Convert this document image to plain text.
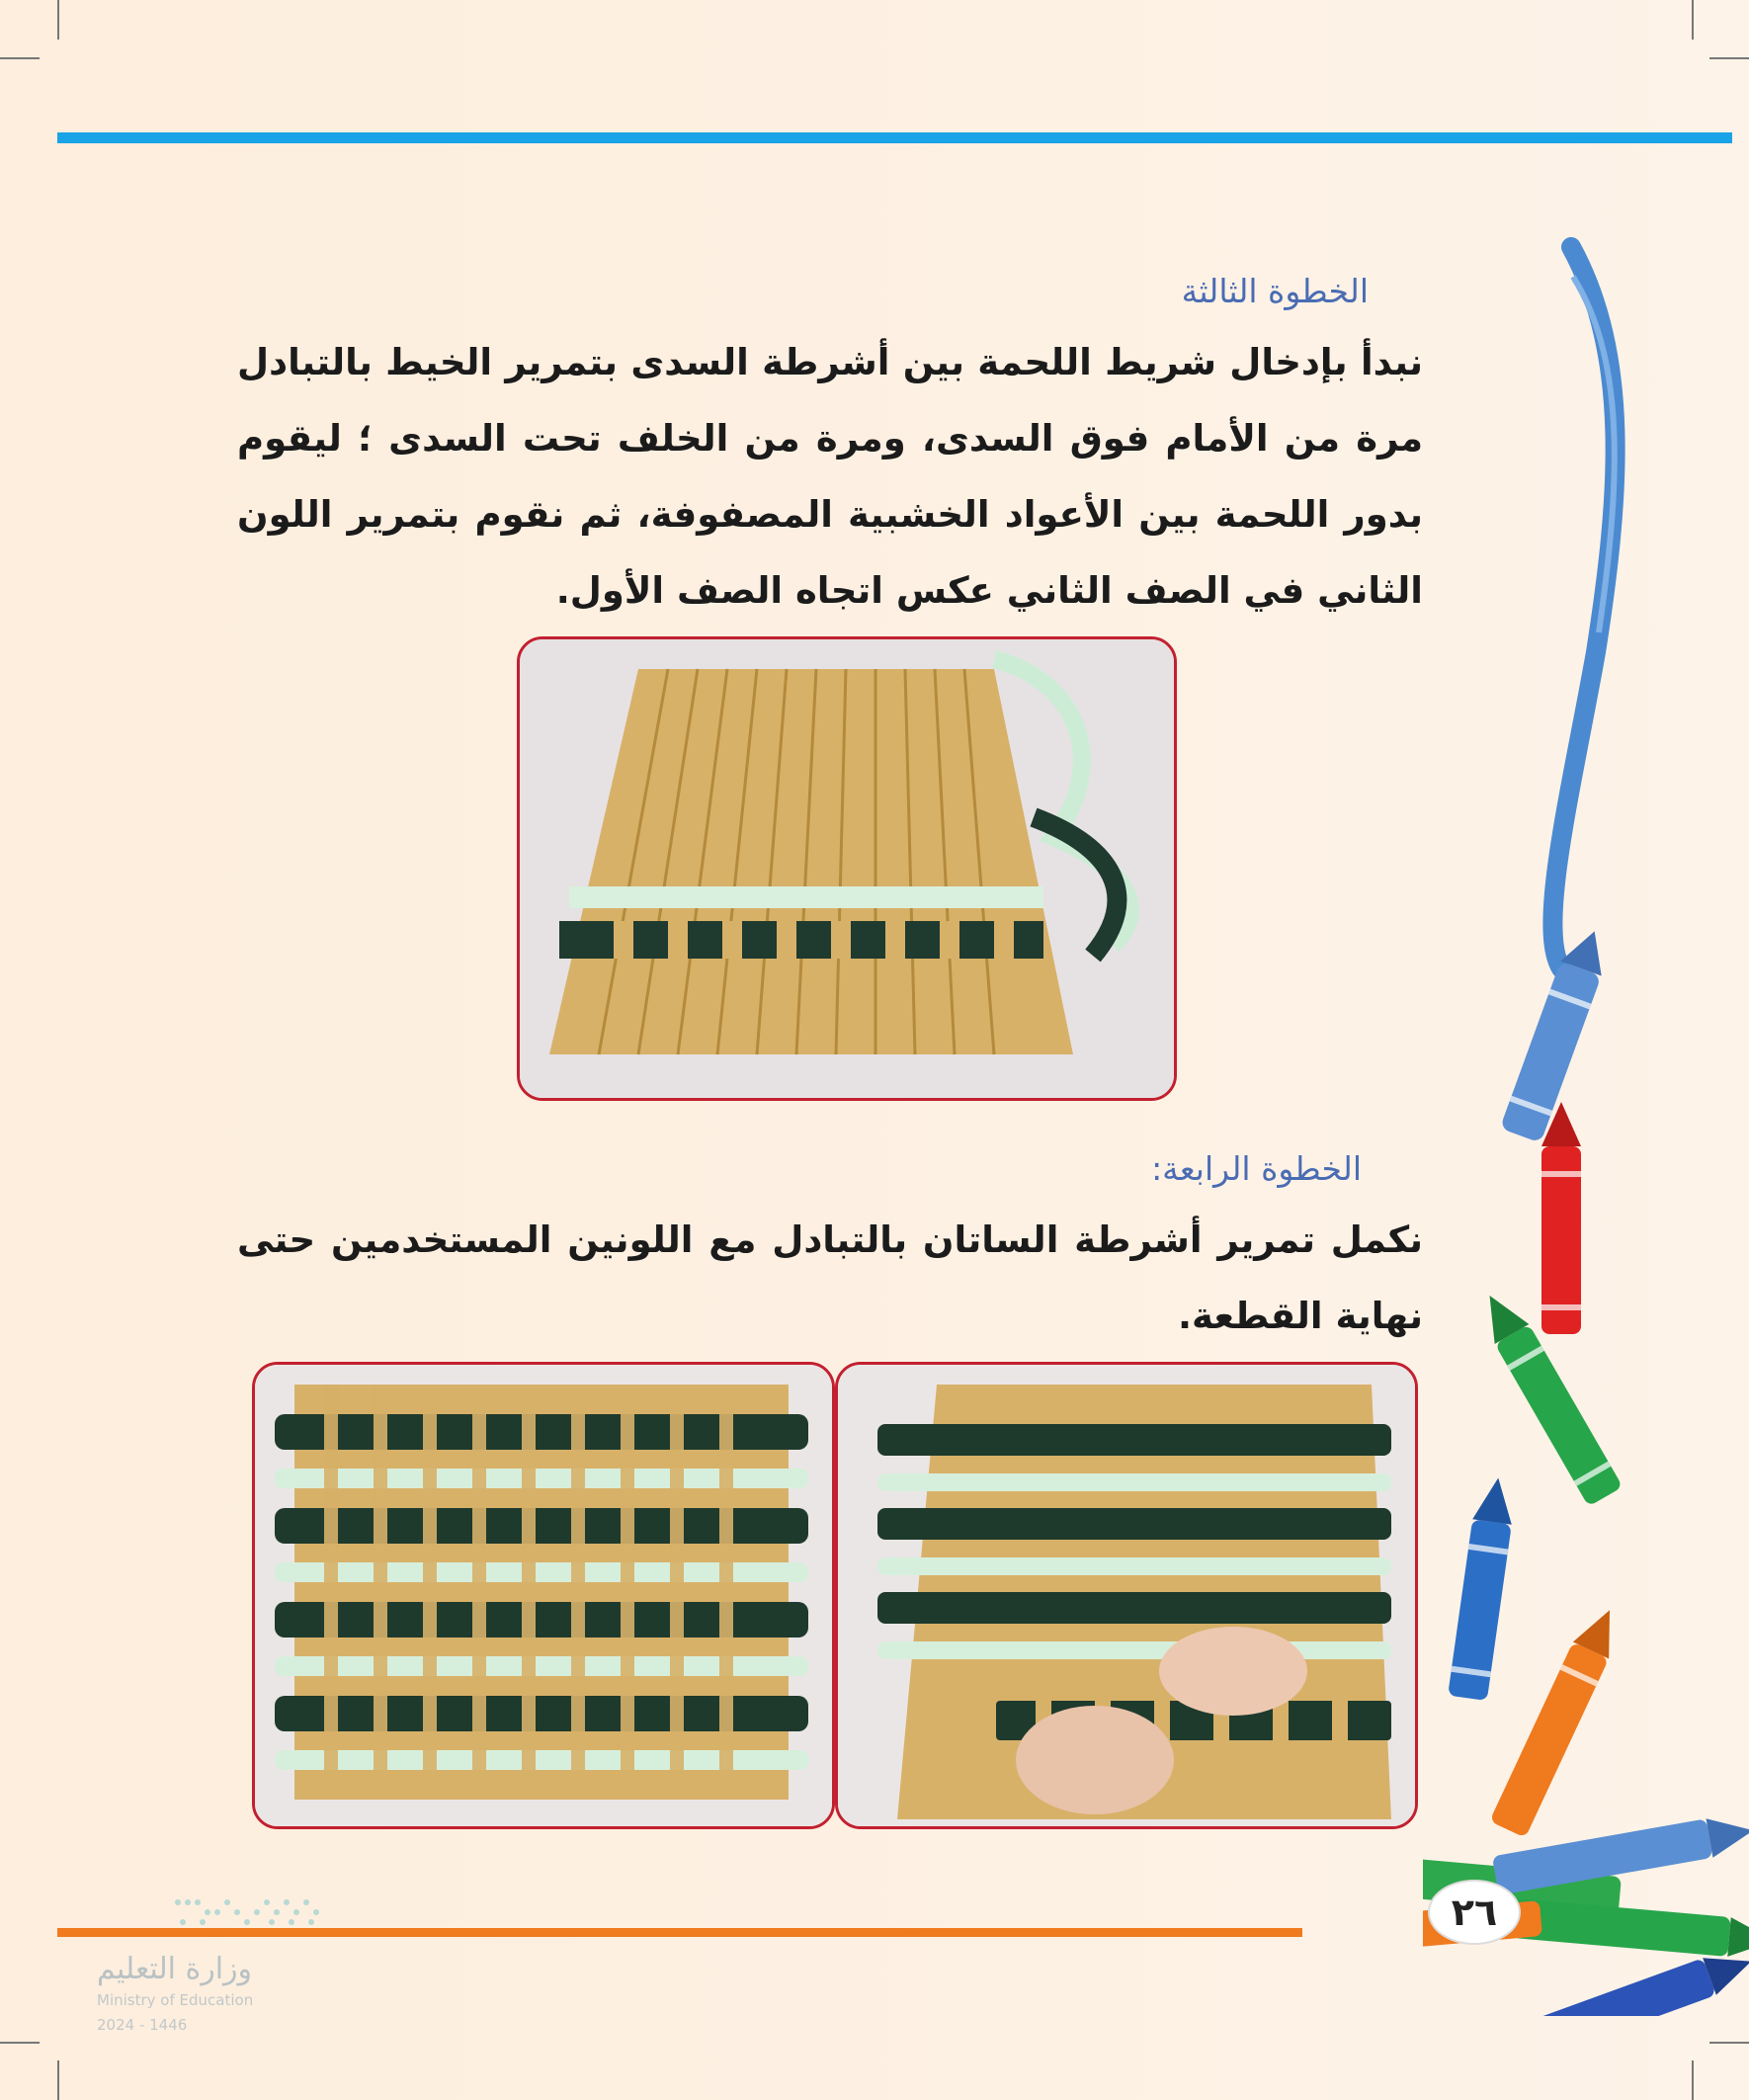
الخطوة الثالثة
نبدأ بإدخال شريط اللحمة بين أشرطة السدى بتمرير الخيط بالتبادل مرة من الأمام فوق السدى، ومرة من الخلف تحت السدى ؛ ليقوم بدور اللحمة بين الأعواد الخشبية المصفوفة، ثم نقوم بتمرير اللون الثاني في الصف الثاني عكس اتجاه الصف الأول.
الخطوة الرابعة:
نكمل تمرير أشرطة الساتان بالتبادل مع اللونين المستخدمين حتى نهاية القطعة.
٢٦
وزارة التعليم
Ministry of Education
2024 - 1446
